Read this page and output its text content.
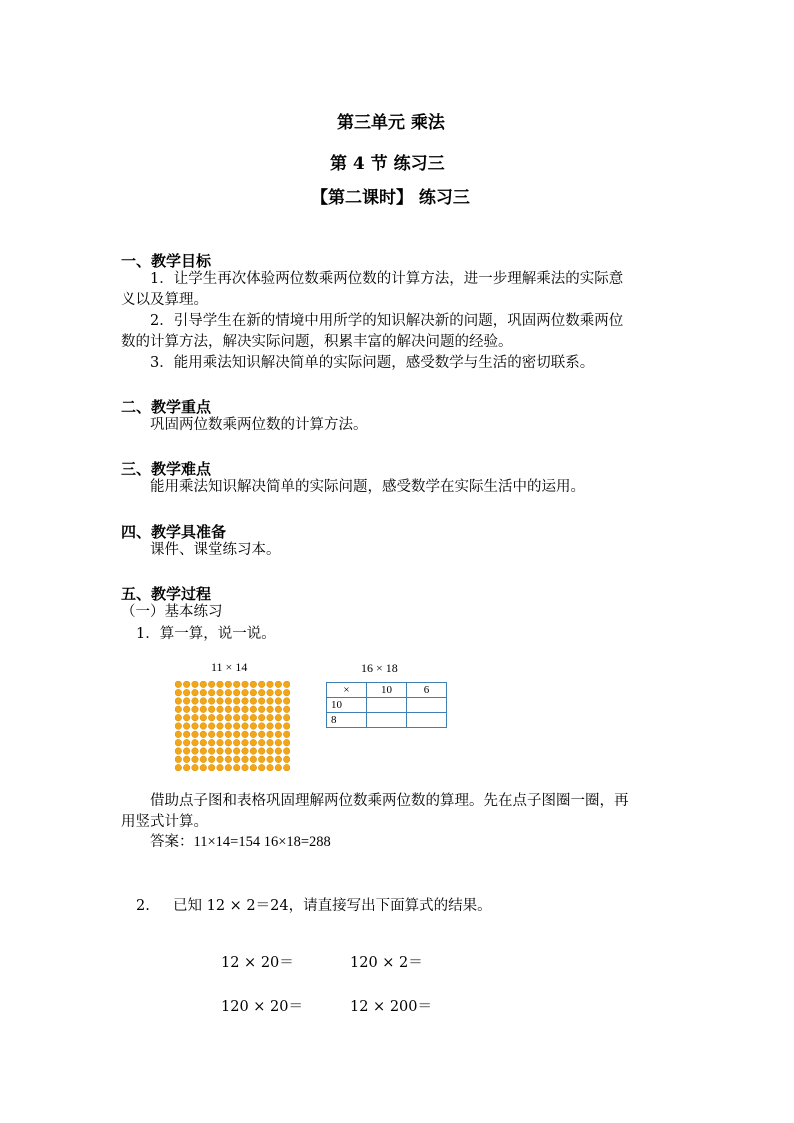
第三单元 乘法
第 4 节 练习三
【第二课时】 练习三
一、教学目标
1．让学生再次体验两位数乘两位数的计算方法，进一步理解乘法的实际意
义以及算理。
2．引导学生在新的情境中用所学的知识解决新的问题，巩固两位数乘两位
数的计算方法，解决实际问题，积累丰富的解决问题的经验。
3．能用乘法知识解决简单的实际问题，感受数学与生活的密切联系。
二、教学重点
巩固两位数乘两位数的计算方法。
三、教学难点
能用乘法知识解决简单的实际问题，感受数学在实际生活中的运用。
四、教学具准备
课件、课堂练习本。
五、教学过程
（一）基本练习
1．算一算，说一说。
11 × 14	16 × 18
×	10	6
10		
8		
借助点子图和表格巩固理解两位数乘两位数的算理。先在点子图圈一圈，再
用竖式计算。
答案：11×14=154 16×18=288
2. 已知 12 × 2＝24，请直接写出下面算式的结果。
12 × 20＝	120 × 2＝
120 × 20＝	12 × 200＝
